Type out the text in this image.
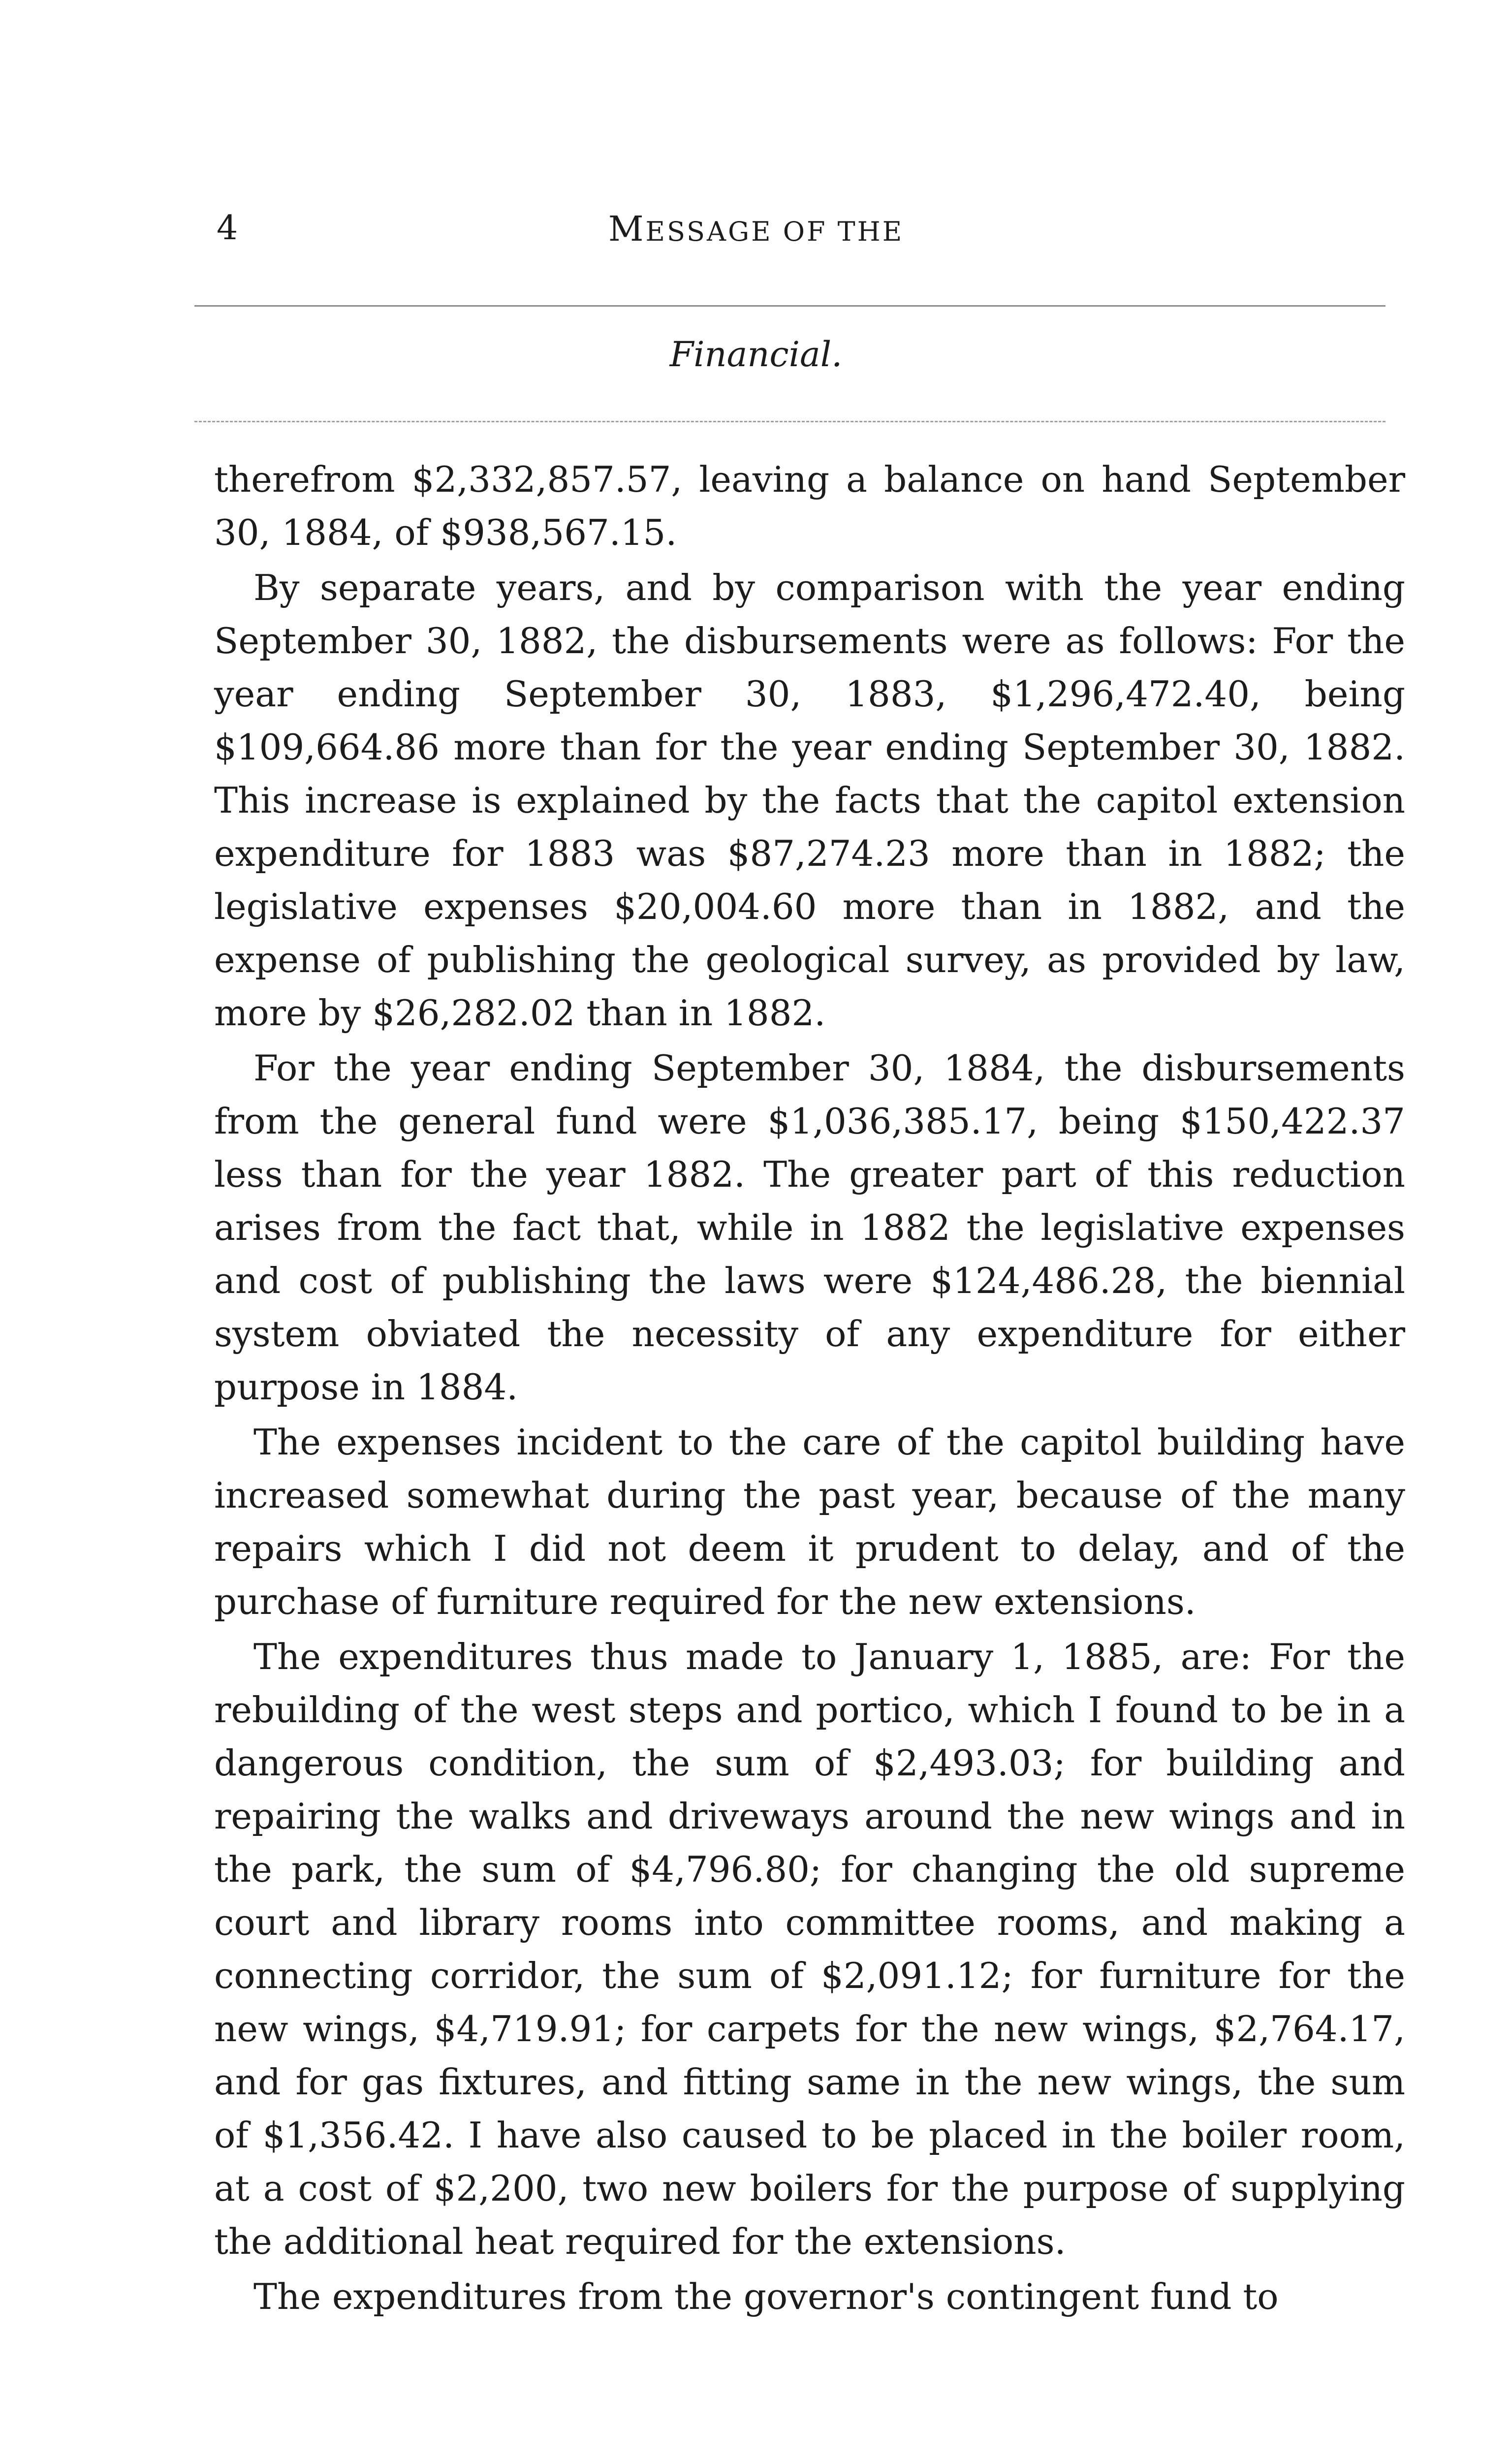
4	MESSAGE OF THE
Financial.

therefrom $2,332,857.57, leaving a balance on hand September 30, 1884, of $938,567.15.

By separate years, and by comparison with the year ending September 30, 1882, the disbursements were as follows: For the year ending September 30, 1883, $1,296,472.40, being $109,664.86 more than for the year ending September 30, 1882. This increase is explained by the facts that the capitol extension expenditure for 1883 was $87,274.23 more than in 1882; the legislative expenses $20,004.60 more than in 1882, and the expense of publishing the geological survey, as provided by law, more by $26,282.02 than in 1882.

For the year ending September 30, 1884, the disbursements from the general fund were $1,036,385.17, being $150,422.37 less than for the year 1882. The greater part of this reduction arises from the fact that, while in 1882 the legislative expenses and cost of publishing the laws were $124,486.28, the biennial system obviated the necessity of any expenditure for either purpose in 1884.

The expenses incident to the care of the capitol building have increased somewhat during the past year, because of the many repairs which I did not deem it prudent to delay, and of the purchase of furniture required for the new extensions.

The expenditures thus made to January 1, 1885, are: For the rebuilding of the west steps and portico, which I found to be in a dangerous condition, the sum of $2,493.03; for building and repairing the walks and driveways around the new wings and in the park, the sum of $4,796.80; for changing the old supreme court and library rooms into committee rooms, and making a connecting corridor, the sum of $2,091.12; for furniture for the new wings, $4,719.91; for carpets for the new wings, $2,764.17, and for gas fixtures, and fitting same in the new wings, the sum of $1,356.42. I have also caused to be placed in the boiler room, at a cost of $2,200, two new boilers for the purpose of supplying the additional heat required for the extensions.

The expenditures from the governor's contingent fund to
